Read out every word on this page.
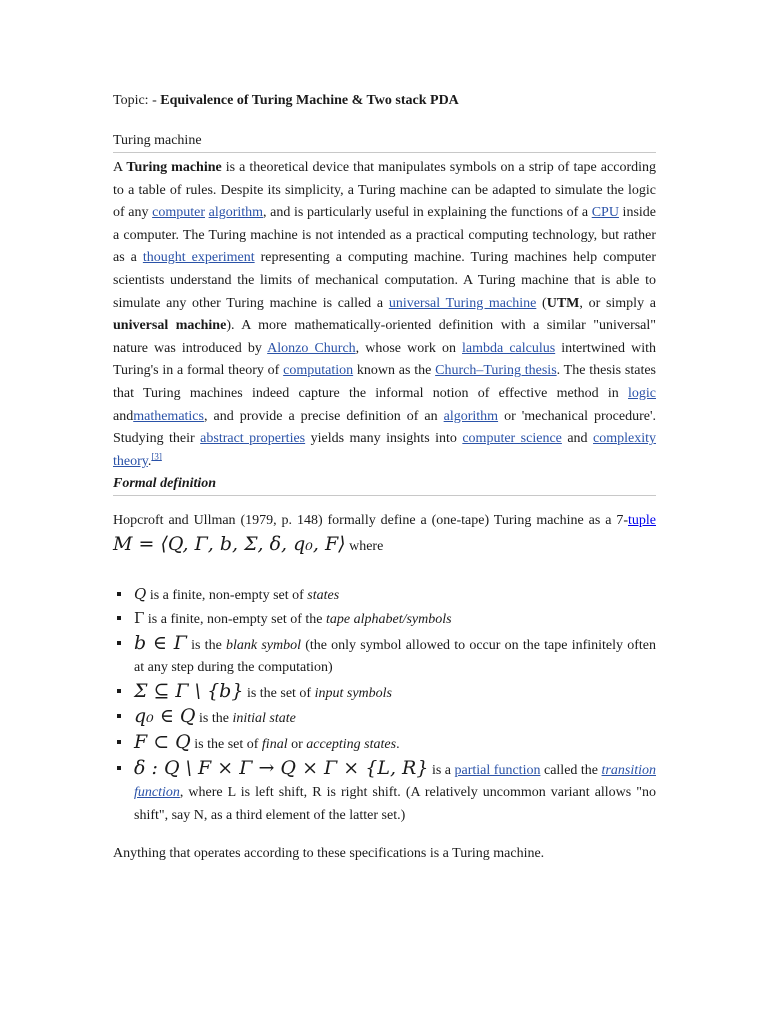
Topic: - Equivalence of Turing Machine & Two stack PDA

Turing machine

A Turing machine is a theoretical device that manipulates symbols on a strip of tape according to a table of rules. Despite its simplicity, a Turing machine can be adapted to simulate the logic of any computer algorithm, and is particularly useful in explaining the functions of a CPU inside a computer. The Turing machine is not intended as a practical computing technology, but rather as a thought experiment representing a computing machine. Turing machines help computer scientists understand the limits of mechanical computation. A Turing machine that is able to simulate any other Turing machine is called a universal Turing machine (UTM, or simply a universal machine). A more mathematically-oriented definition with a similar "universal" nature was introduced by Alonzo Church, whose work on lambda calculus intertwined with Turing's in a formal theory of computation known as the Church–Turing thesis. The thesis states that Turing machines indeed capture the informal notion of effective method in logic andmathematics, and provide a precise definition of an algorithm or 'mechanical procedure'. Studying their abstract properties yields many insights into computer science and complexity theory.[3]

Formal definition

Hopcroft and Ullman (1979, p. 148) formally define a (one-tape) Turing machine as a 7-tuple M = ⟨Q, Γ, b, Σ, δ, q₀, F⟩ where

Q is a finite, non-empty set of states
Γ is a finite, non-empty set of the tape alphabet/symbols
b ∈ Γ is the blank symbol (the only symbol allowed to occur on the tape infinitely often at any step during the computation)
Σ ⊆ Γ \ {b} is the set of input symbols
q₀ ∈ Q is the initial state
F ⊂ Q is the set of final or accepting states.
δ : Q \ F × Γ → Q × Γ × {L, R} is a partial function called the transition function, where L is left shift, R is right shift. (A relatively uncommon variant allows "no shift", say N, as a third element of the latter set.)

Anything that operates according to these specifications is a Turing machine.
